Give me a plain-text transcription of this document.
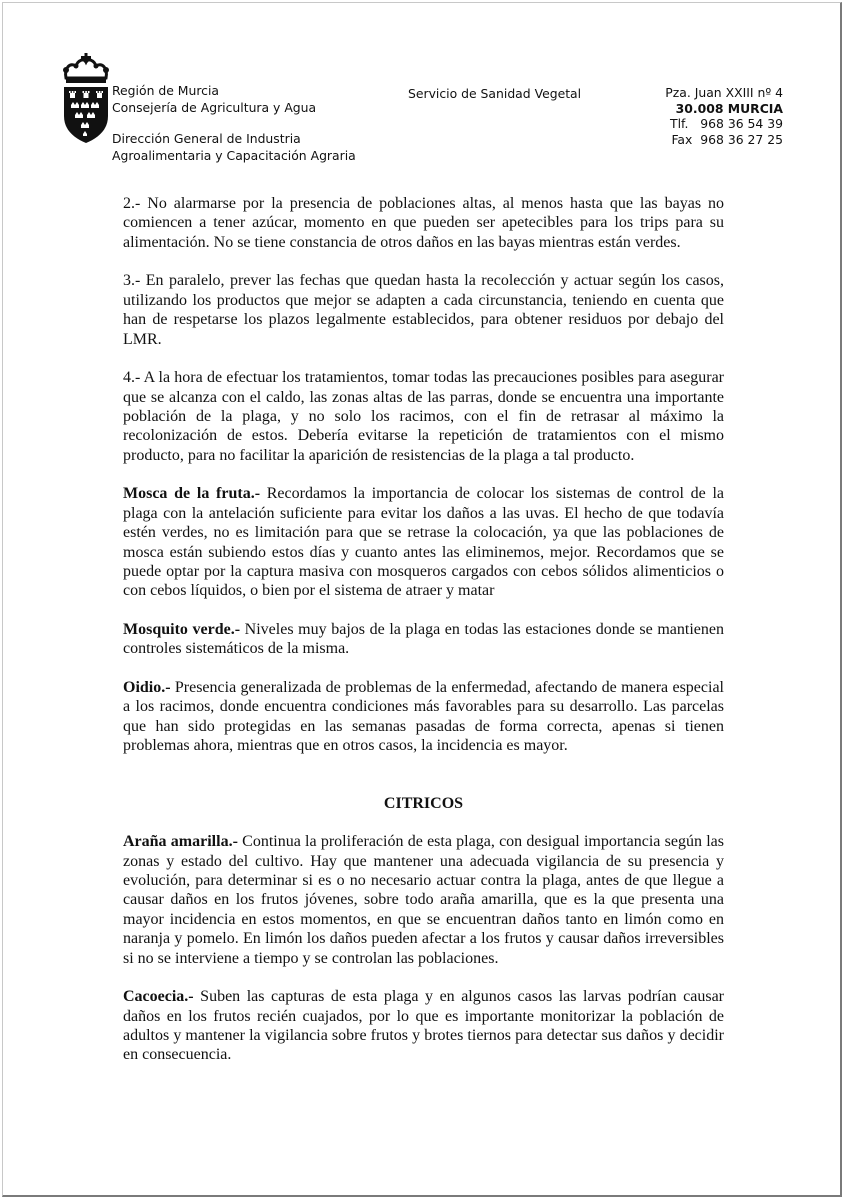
Región de Murcia
Consejería de Agricultura y Agua
Dirección General de Industria
Agroalimentaria y Capacitación Agraria
Servicio de Sanidad Vegetal	Pza. Juan XXIII nº 4
30.008 MURCIA
Tlf.   968 36 54 39
Fax  968 36 27 25

2.- No alarmarse por la presencia de poblaciones altas, al menos hasta que las bayas no comiencen a tener azúcar, momento en que pueden ser apetecibles para los trips para su alimentación. No se tiene constancia de otros daños en las bayas mientras están verdes.

3.- En paralelo, prever las fechas que quedan hasta la recolección y actuar según los casos, utilizando los productos que mejor se adapten a cada circunstancia, teniendo en cuenta que han de respetarse los plazos legalmente establecidos, para obtener residuos por debajo del LMR.

4.- A la hora de efectuar los tratamientos, tomar todas las precauciones posibles para asegurar que se alcanza con el caldo, las zonas altas de las parras, donde se encuentra una importante población de la plaga, y no solo los racimos, con el fin de retrasar al máximo la recolonización de estos. Debería evitarse la repetición de tratamientos con el mismo producto, para no facilitar la aparición de resistencias de la plaga a tal producto.

Mosca de la fruta.- Recordamos la importancia de colocar los sistemas de control de la plaga con la antelación suficiente para evitar los daños a las uvas. El hecho de que todavía estén verdes, no es limitación para que se retrase la colocación, ya que las poblaciones de mosca están subiendo estos días y cuanto antes las eliminemos, mejor. Recordamos que se puede optar por la captura masiva con mosqueros cargados con cebos sólidos alimenticios o con cebos líquidos, o bien por el sistema de atraer y matar

Mosquito verde.- Niveles muy bajos de la plaga en todas las estaciones donde se mantienen controles sistemáticos de la misma.

Oidio.- Presencia generalizada de problemas de la enfermedad, afectando de manera especial a los racimos, donde encuentra condiciones más favorables para su desarrollo. Las parcelas que han sido protegidas en las semanas pasadas de forma correcta, apenas si tienen problemas ahora, mientras que en otros casos, la incidencia es mayor.

CITRICOS

Araña amarilla.- Continua la proliferación de esta plaga, con desigual importancia según las zonas y estado del cultivo. Hay que mantener una adecuada vigilancia de su presencia y evolución, para determinar si es o no necesario actuar contra la plaga, antes de que llegue a causar daños en los frutos jóvenes, sobre todo araña amarilla, que es la que presenta una mayor incidencia en estos momentos, en que se encuentran daños tanto en limón como en naranja y pomelo. En limón los daños pueden afectar a los frutos y causar daños irreversibles si no se interviene a tiempo y se controlan las poblaciones.

Cacoecia.- Suben las capturas de esta plaga y en algunos casos las larvas podrían causar daños en los frutos recién cuajados, por lo que es importante monitorizar la población de adultos y mantener la vigilancia sobre frutos y brotes tiernos para detectar sus daños y decidir en consecuencia.
